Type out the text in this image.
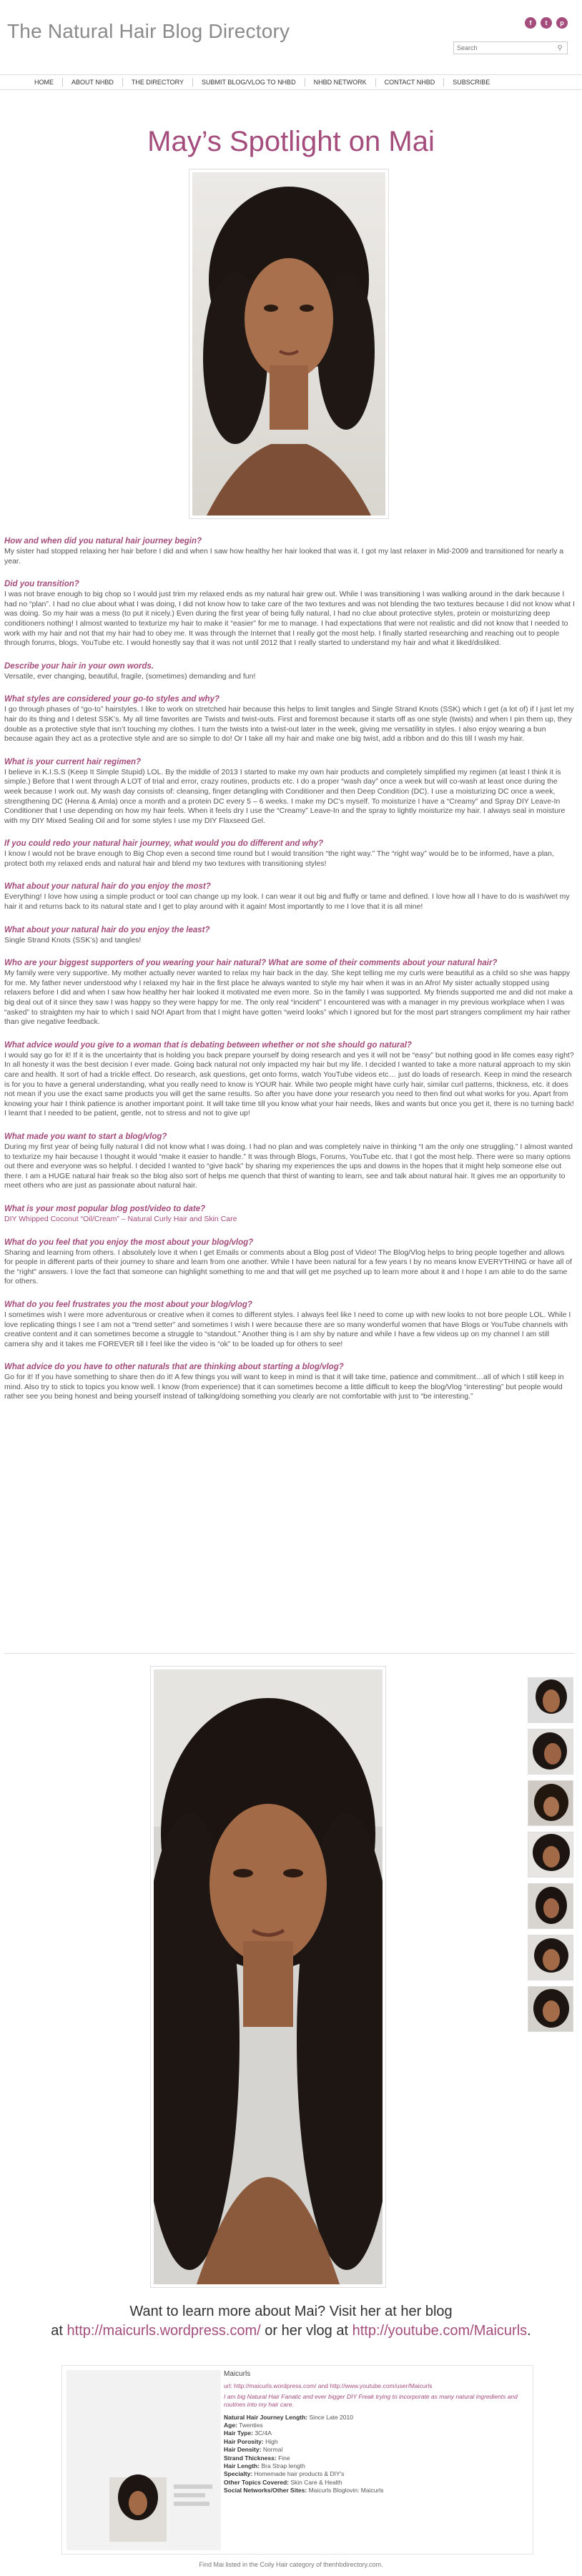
The Natural Hair Blog Directory	f	t	p
Search
⚲
HOME	ABOUT NHBD	THE DIRECTORY	SUBMIT BLOG/VLOG TO NHBD	NHBD NETWORK	CONTACT NHBD	SUBSCRIBE
May’s Spotlight on Mai
How and when did you natural hair journey begin?
My sister had stopped relaxing her hair before I did and when I saw how healthy her hair looked that was it. I got my last relaxer in Mid-2009 and transitioned for nearly a year.
Did you transition?
I was not brave enough to big chop so I would just trim my relaxed ends as my natural hair grew out. While I was transitioning I was walking around in the dark because I had no “plan”. I had no clue about what I was doing, I did not know how to take care of the two textures and was not blending the two textures because I did not know what I was doing. So my hair was a mess (to put it nicely.) Even during the first year of being fully natural, I had no clue about protective styles, protein or moisturizing deep conditioners nothing! I almost wanted to texturize my hair to make it “easier” for me to manage. I had expectations that were not realistic and did not know that I needed to work with my hair and not that my hair had to obey me. It was through the Internet that I really got the most help. I finally started researching and reaching out to people through forums, blogs, YouTube etc. I would honestly say that it was not until 2012 that I really started to understand my hair and what it liked/disliked.
Describe your hair in your own words.
Versatile, ever changing, beautiful, fragile, (sometimes) demanding and fun!
What styles are considered your go-to styles and why?
I go through phases of “go-to” hairstyles. I like to work on stretched hair because this helps to limit tangles and Single Strand Knots (SSK) which I get (a lot of) if I just let my hair do its thing and I detest SSK’s. My all time favorites are Twists and twist-outs. First and foremost because it starts off as one style (twists) and when I pin them up, they double as a protective style that isn’t touching my clothes. I turn the twists into a twist-out later in the week, giving me versatility in styles. I also enjoy wearing a bun because again they act as a protective style and are so simple to do! Or I take all my hair and make one big twist, add a ribbon and do this till I wash my hair.
What is your current hair regimen?
I believe in K.I.S.S (Keep It Simple Stupid) LOL. By the middle of 2013 I started to make my own hair products and completely simplified my regimen (at least I think it is simple.) Before that I went through A LOT of trial and error, crazy routines, products etc. I do a proper “wash day” once a week but will co-wash at least once during the week because I work out. My wash day consists of: cleansing, finger detangling with Conditioner and then Deep Condition (DC). I use a moisturizing DC once a week, strengthening DC (Henna & Amla) once a month and a protein DC every 5 – 6 weeks. I make my DC’s myself. To moisturize I have a “Creamy” and Spray DIY Leave-In Conditioner that I use depending on how my hair feels. When it feels dry I use the “Creamy” Leave-In and the spray to lightly moisturize my hair. I always seal in moisture with my DIY Mixed Sealing Oil and for some styles I use my DIY Flaxseed Gel.
If you could redo your natural hair journey, what would you do different and why?
I know I would not be brave enough to Big Chop even a second time round but I would transition “the right way.” The “right way” would be to be informed, have a plan, protect both my relaxed ends and natural hair and blend my two textures with transitioning styles!
What about your natural hair do you enjoy the most?
Everything! I love how using a simple product or tool can change up my look. I can wear it out big and fluffy or tame and defined. I love how all I have to do is wash/wet my hair it and returns back to its natural state and I get to play around with it again! Most importantly to me I love that it is all mine!
What about your natural hair do you enjoy the least?
Single Strand Knots (SSK’s) and tangles!
Who are your biggest supporters of you wearing your hair natural? What are some of their comments about your natural hair?
My family were very supportive. My mother actually never wanted to relax my hair back in the day. She kept telling me my curls were beautiful as a child so she was happy for me. My father never understood why I relaxed my hair in the first place he always wanted to style my hair when it was in an Afro! My sister actually stopped using relaxers before I did and when I saw how healthy her hair looked it motivated me even more. So in the family I was supported. My friends supported me and did not make a big deal out of it since they saw I was happy so they were happy for me. The only real “incident” I encountered was with a manager in my previous workplace when I was “asked” to straighten my hair to which I said NO! Apart from that I might have gotten “weird looks” which I ignored but for the most part strangers compliment my hair rather than give negative feedback.
What advice would you give to a woman that is debating between whether or not she should go natural?
I would say go for it! If it is the uncertainty that is holding you back prepare yourself by doing research and yes it will not be “easy” but nothing good in life comes easy right? In all honesty it was the best decision I ever made. Going back natural not only impacted my hair but my life. I decided I wanted to take a more natural approach to my skin care and health. It sort of had a trickle effect. Do research, ask questions, get onto forms, watch YouTube videos etc… just do loads of research. Keep in mind the research is for you to have a general understanding, what you really need to know is YOUR hair. While two people might have curly hair, similar curl patterns, thickness, etc. it does not mean if you use the exact same products you will get the same results. So after you have done your research you need to then find out what works for you. Apart from knowing your hair I think patience is another important point. It will take time till you know what your hair needs, likes and wants but once you get it, there is no turning back! I learnt that I needed to be patient, gentle, not to stress and not to give up!
What made you want to start a blog/vlog?
During my first year of being fully natural I did not know what I was doing. I had no plan and was completely naive in thinking “I am the only one struggling.” I almost wanted to texturize my hair because I thought it would “make it easier to handle.” It was through Blogs, Forums, YouTube etc. that I got the most help. There were so many options out there and everyone was so helpful. I decided I wanted to “give back” by sharing my experiences the ups and downs in the hopes that it might help someone else out there. I am a HUGE natural hair freak so the blog also sort of helps me quench that thirst of wanting to learn, see and talk about natural hair. It gives me an opportunity to meet others who are just as passionate about natural hair.
What is your most popular blog post/video to date?
DIY Whipped Coconut “Oil/Cream” – Natural Curly Hair and Skin Care
What do you feel that you enjoy the most about your blog/vlog?
Sharing and learning from others. I absolutely love it when I get Emails or comments about a Blog post of Video! The Blog/Vlog helps to bring people together and allows for people in different parts of their journey to share and learn from one another. While I have been natural for a few years I by no means know EVERYTHING or have all of the “right” answers. I love the fact that someone can highlight something to me and that will get me psyched up to learn more about it and I hope I am able to do the same for others.
What do you feel frustrates you the most about your blog/vlog?
I sometimes wish I were more adventurous or creative when it comes to different styles. I always feel like I need to come up with new looks to not bore people LOL. While I love replicating things I see I am not a “trend setter” and sometimes I wish I were because there are so many wonderful women that have Blogs or YouTube channels with creative content and it can sometimes become a struggle to “standout.” Another thing is I am shy by nature and while I have a few videos up on my channel I am still camera shy and it takes me FOREVER till I feel like the video is “ok” to be loaded up for others to see!
What advice do you have to other naturals that are thinking about starting a blog/vlog?
Go for it! If you have something to share then do it! A few things you will want to keep in mind is that it will take time, patience and commitment…all of which I still keep in mind. Also try to stick to topics you know well. I know (from experience) that it can sometimes become a little difficult to keep the blog/Vlog “interesting” but people would rather see you being honest and being yourself instead of talking/doing something you clearly are not comfortable with just to “be interesting.”
Want to learn more about Mai? Visit her at her blog
at http://maicurls.wordpress.com/ or her vlog at http://youtube.com/Maicurls.
Maicurls
url: http://maicurls.wordpress.com/ and http://www.youtube.com/user/Maicurls
I am big Natural Hair Fanatic and ever bigger DIY Freak trying to incorporate as many natural ingredients and routines into my hair care.
Natural Hair Journey Length: Since Late 2010
Age: Twenties
Hair Type: 3C/4A
Hair Porosity: High
Hair Density: Normal
Strand Thickness: Fine
Hair Length: Bra Strap length
Specialty: Homemade hair products & DIY's
Other Topics Covered: Skin Care & Health
Social Networks/Other Sites: Maicurls Bloglovin: Maicurls
Find Mai listed in the Coily Hair category of thenhbdirectory.com.
